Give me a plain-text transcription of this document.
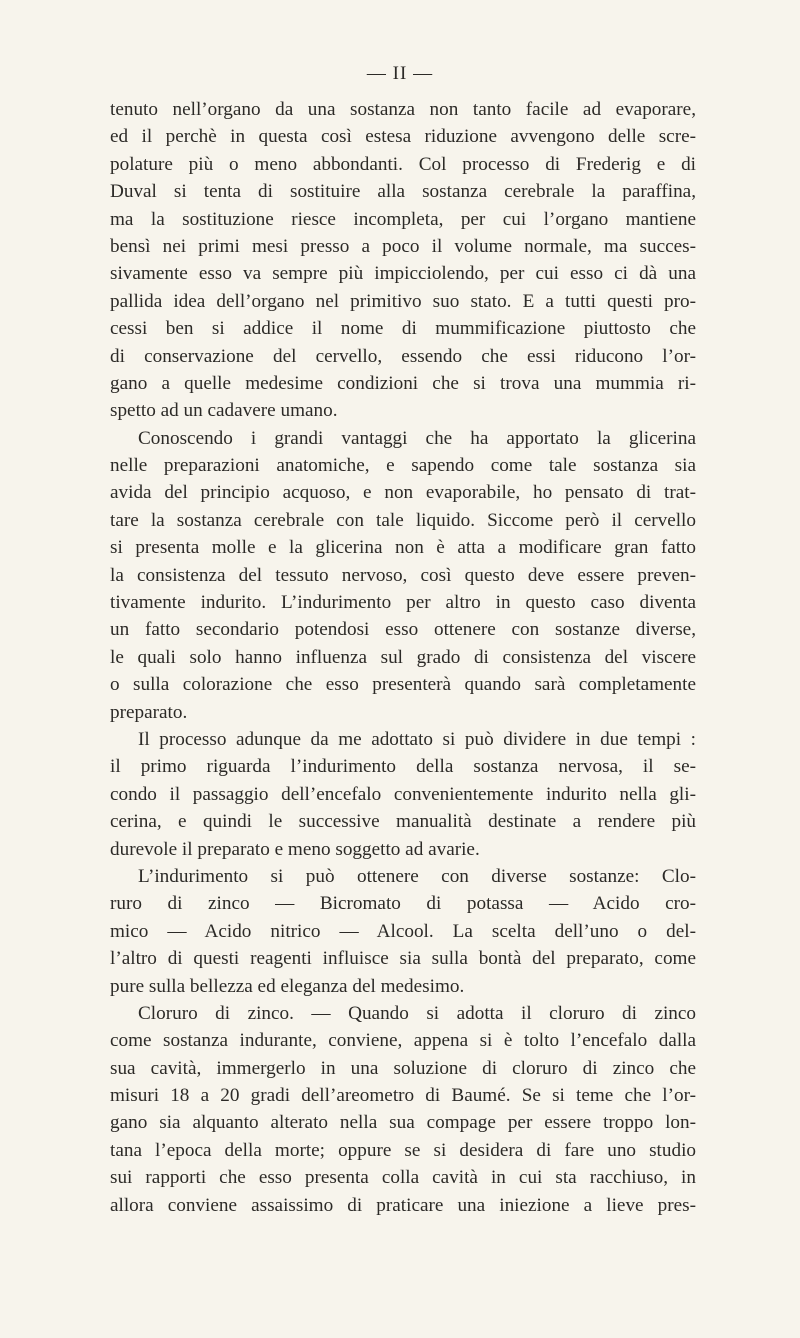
— II —
tenuto nell’organo da una sostanza non tanto facile ad evaporare,
ed il perchè in questa così estesa riduzione avvengono delle scre-
polature più o meno abbondanti. Col processo di Frederig e di
Duval si tenta di sostituire alla sostanza cerebrale la paraffina,
ma la sostituzione riesce incompleta, per cui l’organo mantiene
bensì nei primi mesi presso a poco il volume normale, ma succes-
sivamente esso va sempre più impicciolendo, per cui esso ci dà una
pallida idea dell’organo nel primitivo suo stato. E a tutti questi pro-
cessi ben si addice il nome di mummificazione piuttosto che
di conservazione del cervello, essendo che essi riducono l’or-
gano a quelle medesime condizioni che si trova una mummia ri-
spetto ad un cadavere umano.
Conoscendo i grandi vantaggi che ha apportato la glicerina
nelle preparazioni anatomiche, e sapendo come tale sostanza sia
avida del principio acquoso, e non evaporabile, ho pensato di trat-
tare la sostanza cerebrale con tale liquido. Siccome però il cervello
si presenta molle e la glicerina non è atta a modificare gran fatto
la consistenza del tessuto nervoso, così questo deve essere preven-
tivamente indurito. L’indurimento per altro in questo caso diventa
un fatto secondario potendosi esso ottenere con sostanze diverse,
le quali solo hanno influenza sul grado di consistenza del viscere
o sulla colorazione che esso presenterà quando sarà completamente
preparato.
Il processo adunque da me adottato si può dividere in due tempi :
il primo riguarda l’indurimento della sostanza nervosa, il se-
condo il passaggio dell’encefalo convenientemente indurito nella gli-
cerina, e quindi le successive manualità destinate a rendere più
durevole il preparato e meno soggetto ad avarie.
L’indurimento si può ottenere con diverse sostanze: Clo-
ruro di zinco — Bicromato di potassa — Acido cro-
mico — Acido nitrico — Alcool. La scelta dell’uno o del-
l’altro di questi reagenti influisce sia sulla bontà del preparato, come
pure sulla bellezza ed eleganza del medesimo.
Cloruro di zinco. — Quando si adotta il cloruro di zinco
come sostanza indurante, conviene, appena si è tolto l’encefalo dalla
sua cavità, immergerlo in una soluzione di cloruro di zinco che
misuri 18 a 20 gradi dell’areometro di Baumé. Se si teme che l’or-
gano sia alquanto alterato nella sua compage per essere troppo lon-
tana l’epoca della morte; oppure se si desidera di fare uno studio
sui rapporti che esso presenta colla cavità in cui sta racchiuso, in
allora conviene assaissimo di praticare una iniezione a lieve pres-
